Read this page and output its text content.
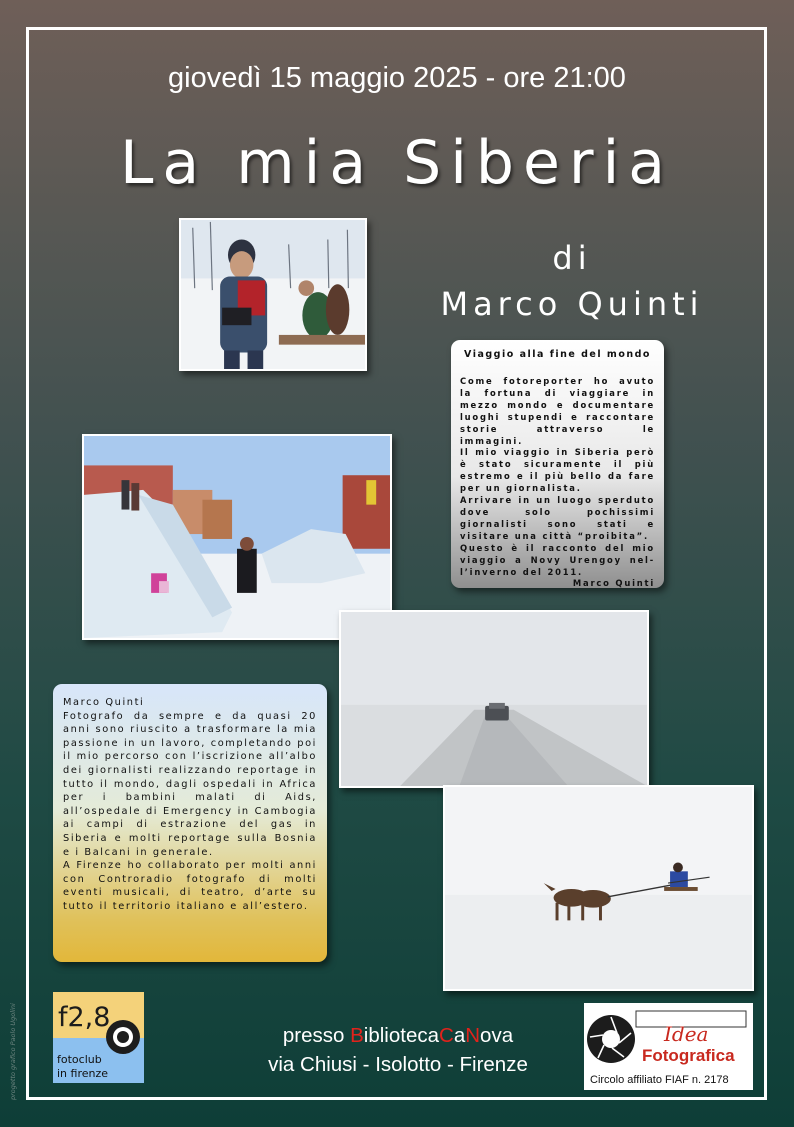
giovedì 15 maggio 2025 - ore 21:00
La mia Siberia
di
Marco Quinti
Viaggio alla fine del mondo
Come fotoreporter ho avuto la fortuna di viaggiare in mezzo mondo e documentare luoghi stupendi e raccontare storie attraverso le immagini.
Il mio viaggio in Siberia però è stato sicuramente il più estremo e il più bello da fare per un giornalista.
Arrivare in un luogo sperduto dove solo pochissimi giornalisti sono stati e visitare una città “proibita”.
Questo è il racconto del mio viaggio a Novy Urengoy nel-l’inverno del 2011.
Marco Quinti
Marco Quinti
Fotografo da sempre e da quasi 20 anni sono riuscito a trasformare la mia passione in un lavoro, completando poi il mio percorso con l’iscrizione all’albo dei giornalisti realizzando reportage in tutto il mondo, dagli ospedali in Africa per i bambini malati di Aids, all’ospedale di Emergency in Cambogia ai campi di estrazione del gas in Siberia e molti reportage sulla Bosnia e i Balcani in generale.
A Firenze ho collaborato per molti anni con Controradio fotografo di molti eventi musicali, di teatro, d’arte su tutto il territorio italiano e all’estero.
presso BibliotecaCaNova
via Chiusi - Isolotto - Firenze
f2,8
fotoclub
in firenze
Idea
Fotografica
Circolo affiliato FIAF n. 2178
progetto grafico Paolo Ugolini
